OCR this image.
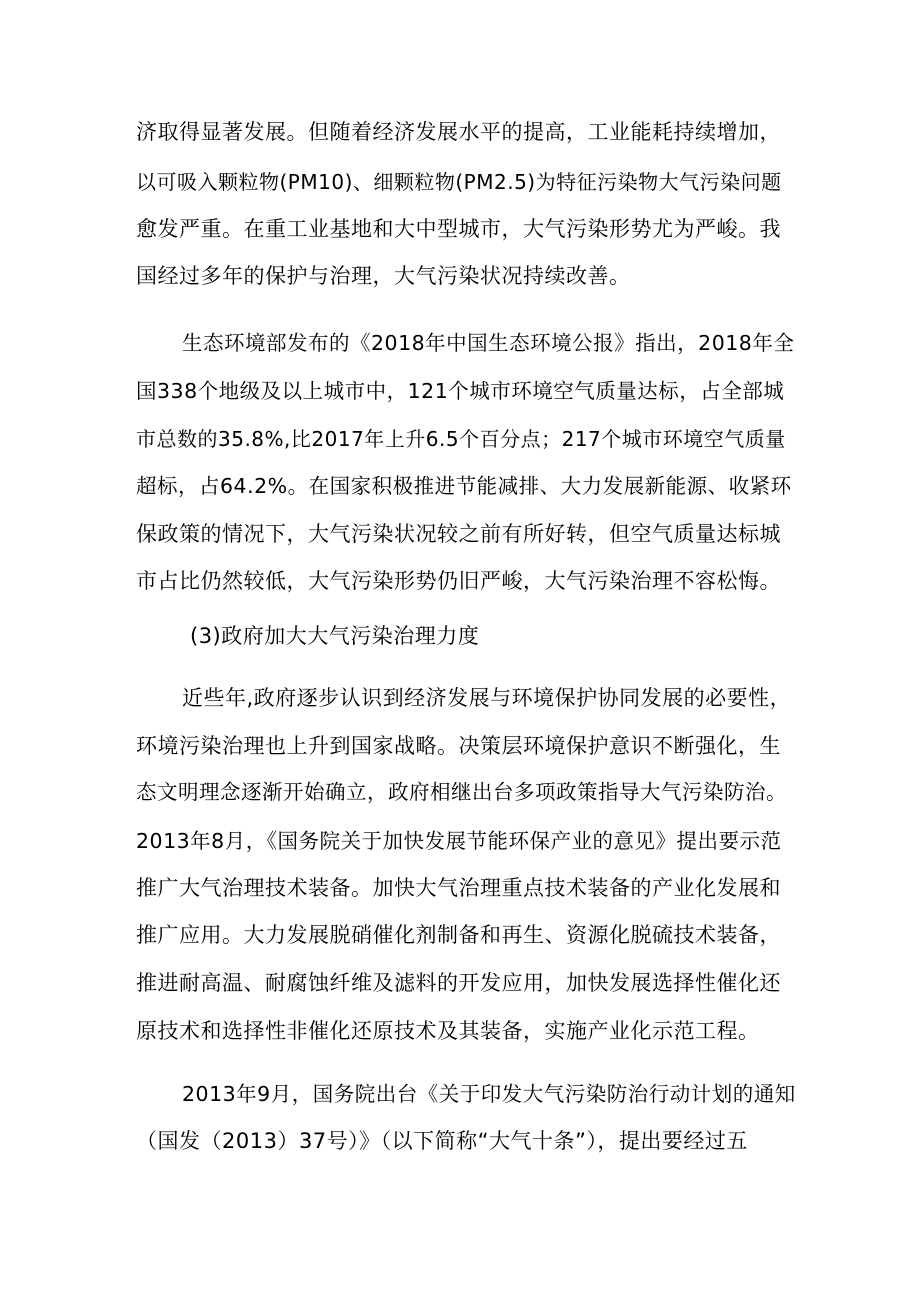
济取得显著发展。但随着经济发展水平的提高，工业能耗持续增加，
以可吸入颗粒物(PM10)、细颗粒物(PM2.5)为特征污染物大气污染问题
愈发严重。在重工业基地和大中型城市，大气污染形势尤为严峻。我
国经过多年的保护与治理，大气污染状况持续改善。
生态环境部发布的《2018年中国生态环境公报》指出，2018年全
国338个地级及以上城市中，121个城市环境空气质量达标，占全部城
市总数的35.8%,比2017年上升6.5个百分点；217个城市环境空气质量
超标，占64.2%。在国家积极推进节能减排、大力发展新能源、收紧环
保政策的情况下，大气污染状况较之前有所好转，但空气质量达标城
市占比仍然较低，大气污染形势仍旧严峻，大气污染治理不容松悔。
(3)政府加大大气污染治理力度
近些年,政府逐步认识到经济发展与环境保护协同发展的必要性，
环境污染治理也上升到国家战略。决策层环境保护意识不断强化，生
态文明理念逐渐开始确立，政府相继出台多项政策指导大气污染防治。
2013年8月，《国务院关于加快发展节能环保产业的意见》提出要示范
推广大气治理技术装备。加快大气治理重点技术装备的产业化发展和
推广应用。大力发展脱硝催化剂制备和再生、资源化脱硫技术装备，
推进耐高温、耐腐蚀纤维及滤料的开发应用，加快发展选择性催化还
原技术和选择性非催化还原技术及其装备，实施产业化示范工程。
2013年9月，国务院出台《关于印发大气污染防治行动计划的通知
（国发（2013）37号）》（以下简称“大气十条”），提出要经过五
